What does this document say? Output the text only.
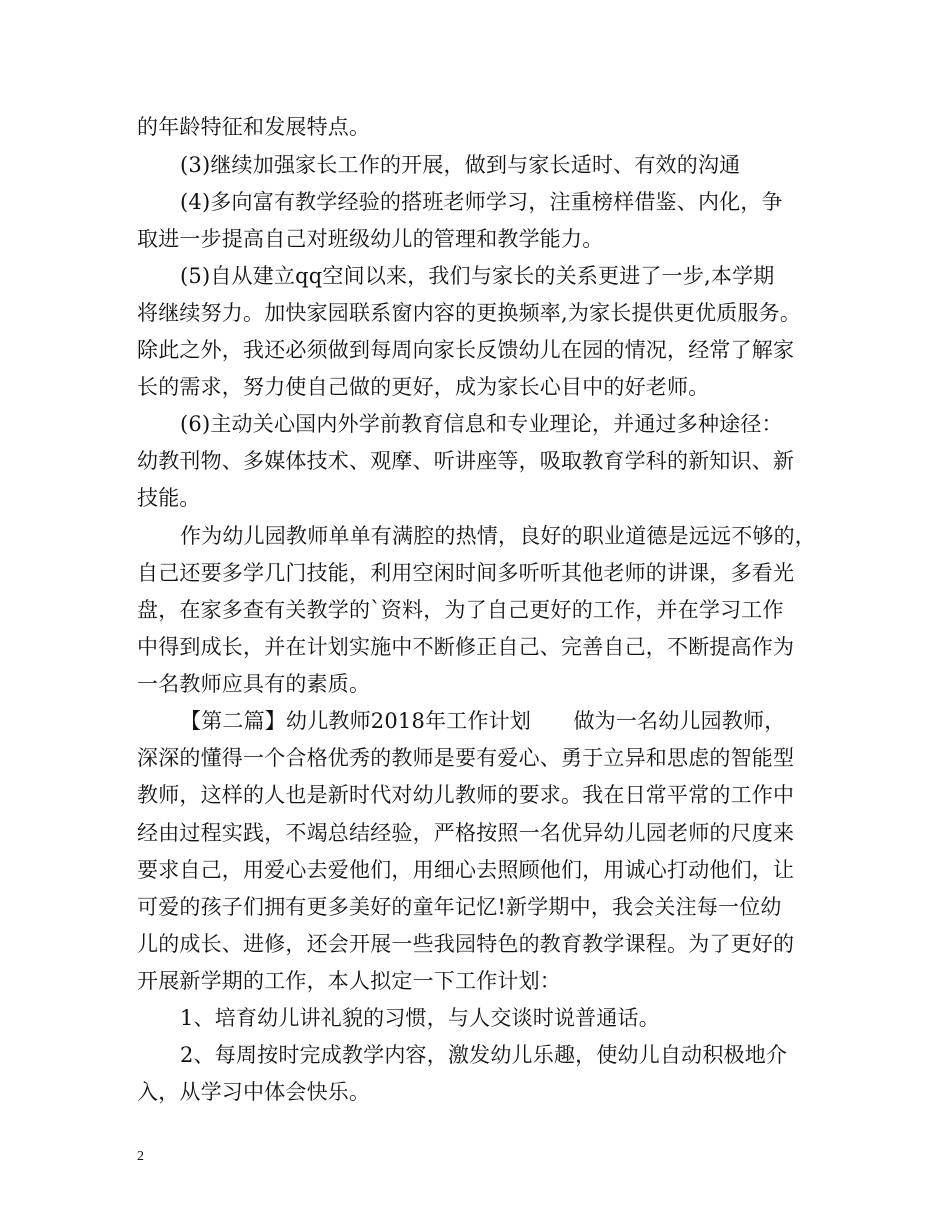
的年龄特征和发展特点。
(3)继续加强家长工作的开展，做到与家长适时、有效的沟通
(4)多向富有教学经验的搭班老师学习，注重榜样借鉴、内化，争
取进一步提高自己对班级幼儿的管理和教学能力。
(5)自从建立qq空间以来，我们与家长的关系更进了一步,本学期
将继续努力。加快家园联系窗内容的更换频率,为家长提供更优质服务。
除此之外，我还必须做到每周向家长反馈幼儿在园的情况，经常了解家
长的需求，努力使自己做的更好，成为家长心目中的好老师。
(6)主动关心国内外学前教育信息和专业理论，并通过多种途径：
幼教刊物、多媒体技术、观摩、听讲座等，吸取教育学科的新知识、新
技能。
作为幼儿园教师单单有满腔的热情，良好的职业道德是远远不够的，
自己还要多学几门技能，利用空闲时间多听听其他老师的讲课，多看光
盘，在家多查有关教学的`资料，为了自己更好的工作，并在学习工作
中得到成长，并在计划实施中不断修正自己、完善自己，不断提高作为
一名教师应具有的素质。
【第二篇】幼儿教师2018年工作计划　　做为一名幼儿园教师，
深深的懂得一个合格优秀的教师是要有爱心、勇于立异和思虑的智能型
教师，这样的人也是新时代对幼儿教师的要求。我在日常平常的工作中
经由过程实践，不竭总结经验，严格按照一名优异幼儿园老师的尺度来
要求自己，用爱心去爱他们，用细心去照顾他们，用诚心打动他们，让
可爱的孩子们拥有更多美好的童年记忆!新学期中，我会关注每一位幼
儿的成长、进修，还会开展一些我园特色的教育教学课程。为了更好的
开展新学期的工作，本人拟定一下工作计划：
1、培育幼儿讲礼貌的习惯，与人交谈时说普通话。
2、每周按时完成教学内容，激发幼儿乐趣，使幼儿自动积极地介
入，从学习中体会快乐。
2
